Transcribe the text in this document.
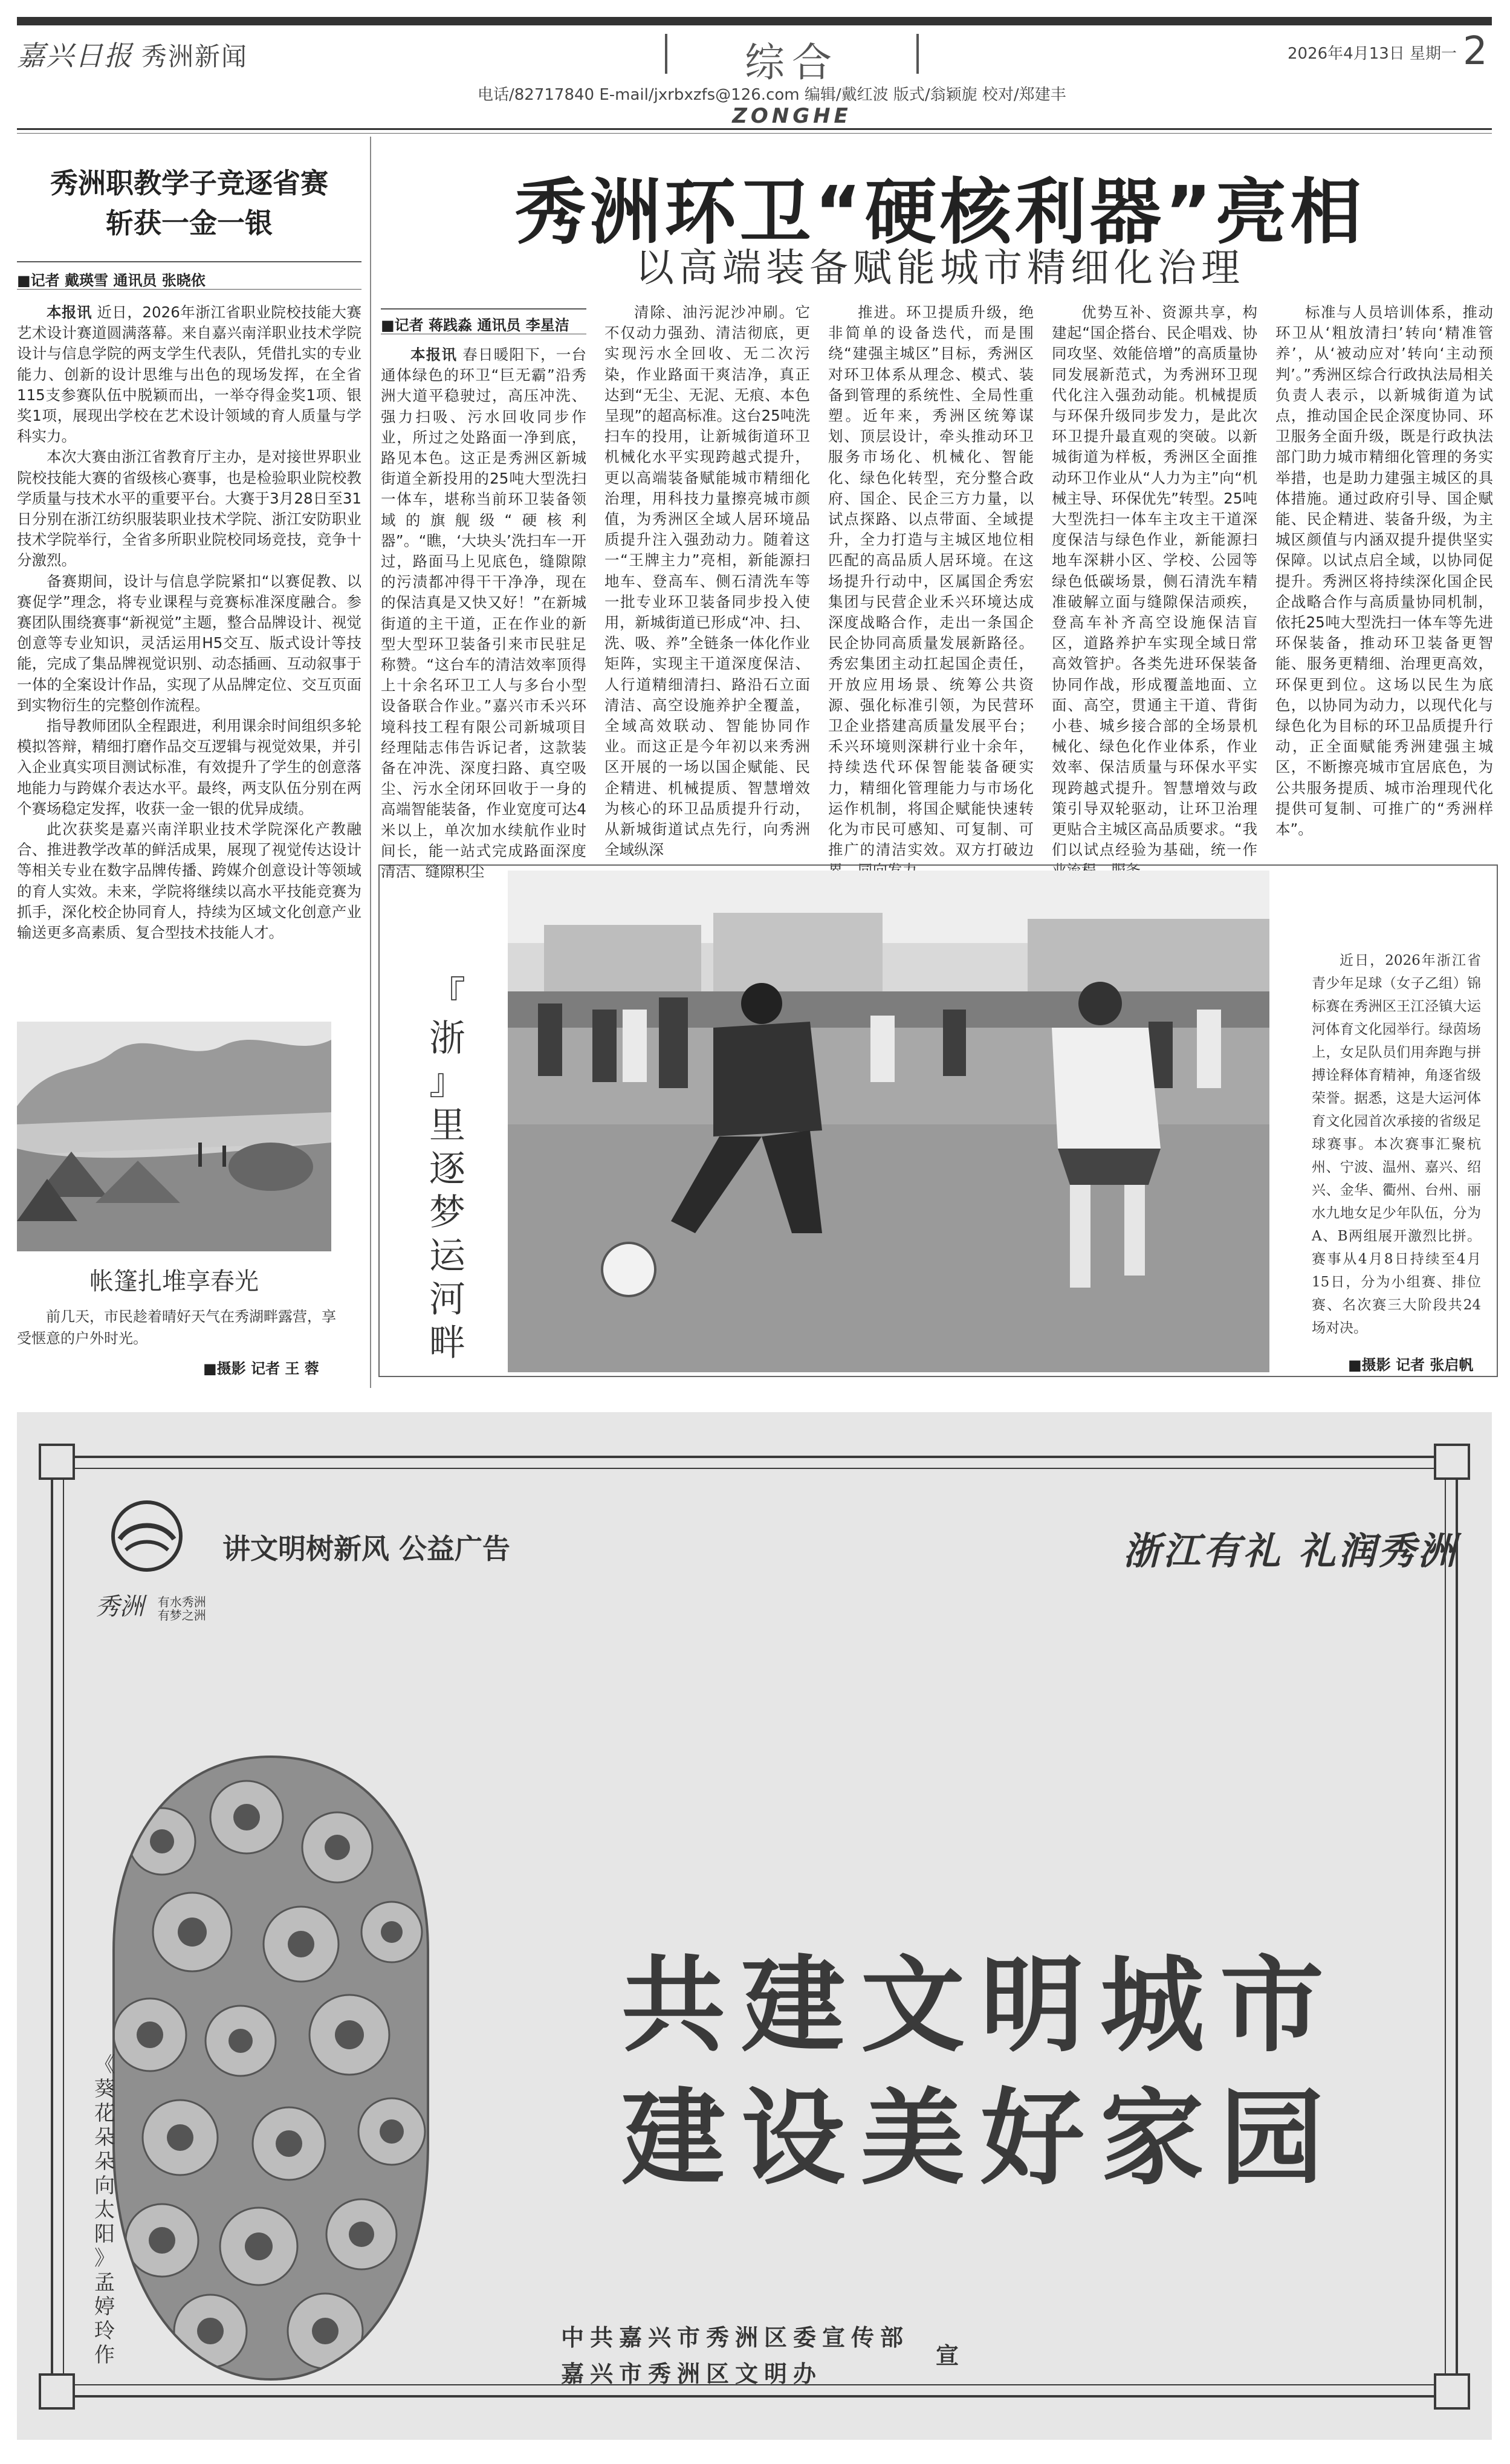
嘉兴日报 秀洲新闻	综合
电话/82717840 E-mail/jxrbxzfs@126.com 编辑/戴红波 版式/翁颖旎 校对/郑建丰
ZONGHE
2026年4月13日 星期一 2
秀洲职教学子竞逐省赛
斩获一金一银
■记者 戴瑛雪 通讯员 张晓依

本报讯 近日，2026年浙江省职业院校技能大赛艺术设计赛道圆满落幕。来自嘉兴南洋职业技术学院设计与信息学院的两支学生代表队，凭借扎实的专业能力、创新的设计思维与出色的现场发挥，在全省115支参赛队伍中脱颖而出，一举夺得金奖1项、银奖1项，展现出学校在艺术设计领域的育人质量与学科实力。

本次大赛由浙江省教育厅主办，是对接世界职业院校技能大赛的省级核心赛事，也是检验职业院校教学质量与技术水平的重要平台。大赛于3月28日至31日分别在浙江纺织服装职业技术学院、浙江安防职业技术学院举行，全省多所职业院校同场竞技，竞争十分激烈。

备赛期间，设计与信息学院紧扣“以赛促教、以赛促学”理念，将专业课程与竞赛标准深度融合。参赛团队围绕赛事“新视觉”主题，整合品牌设计、视觉创意等专业知识，灵活运用H5交互、版式设计等技能，完成了集品牌视觉识别、动态插画、互动叙事于一体的全案设计作品，实现了从品牌定位、交互页面到实物衍生的完整创作流程。

指导教师团队全程跟进，利用课余时间组织多轮模拟答辩，精细打磨作品交互逻辑与视觉效果，并引入企业真实项目测试标准，有效提升了学生的创意落地能力与跨媒介表达水平。最终，两支队伍分别在两个赛场稳定发挥，收获一金一银的优异成绩。

此次获奖是嘉兴南洋职业技术学院深化产教融合、推进教学改革的鲜活成果，展现了视觉传达设计等相关专业在数字品牌传播、跨媒介创意设计等领域的育人实效。未来，学院将继续以高水平技能竞赛为抓手，深化校企协同育人，持续为区域文化创意产业输送更多高素质、复合型技术技能人才。

帐篷扎堆享春光
前几天，市民趁着晴好天气在秀湖畔露营，享受惬意的户外时光。
■摄影 记者 王 蓉
秀洲环卫“硬核利器”亮相
以高端装备赋能城市精细化治理
■记者 蒋践淼 通讯员 李星洁

本报讯 春日暖阳下，一台通体绿色的环卫“巨无霸”沿秀洲大道平稳驶过，高压冲洗、强力扫吸、污水回收同步作业，所过之处路面一净到底，路见本色。这正是秀洲区新城街道全新投用的25吨大型洗扫一体车，堪称当前环卫装备领域的旗舰级“硬核利器”。“瞧，‘大块头’洗扫车一开过，路面马上见底色，缝隙隙的污渍都冲得干干净净，现在的保洁真是又快又好！”在新城街道的主干道，正在作业的新型大型环卫装备引来市民驻足称赞。“这台车的清洁效率顶得上十余名环卫工人与多台小型设备联合作业。”嘉兴市禾兴环境科技工程有限公司新城项目经理陆志伟告诉记者，这款装备在冲洗、深度扫路、真空吸尘、污水全闭环回收于一身的高端智能装备，作业宽度可达4米以上，单次加水续航作业时间长，能一站式完成路面深度清洁、缝隙积尘

清除、油污泥沙冲刷。它不仅动力强劲、清洁彻底，更实现污水全回收、无二次污染，作业路面干爽洁净，真正达到“无尘、无泥、无痕、本色呈现”的超高标准。这台25吨洗扫车的投用，让新城街道环卫机械化水平实现跨越式提升，更以高端装备赋能城市精细化治理，用科技力量擦亮城市颜值，为秀洲区全域人居环境品质提升注入强劲动力。随着这一“王牌主力”亮相，新能源扫地车、登高车、侧石清洗车等一批专业环卫装备同步投入使用，新城街道已形成“冲、扫、洗、吸、养”全链条一体化作业矩阵，实现主干道深度保洁、人行道精细清扫、路沿石立面清洁、高空设施养护全覆盖，全域高效联动、智能协同作业。而这正是今年初以来秀洲区开展的一场以国企赋能、民企精进、机械提质、智慧增效为核心的环卫品质提升行动，从新城街道试点先行，向秀洲全域纵深

推进。环卫提质升级，绝非简单的设备迭代，而是围绕“建强主城区”目标，秀洲区对环卫体系从理念、模式、装备到管理的系统性、全局性重塑。近年来，秀洲区统筹谋划、顶层设计，牵头推动环卫服务市场化、机械化、智能化、绿色化转型，充分整合政府、国企、民企三方力量，以试点探路、以点带面、全域提升，全力打造与主城区地位相匹配的高品质人居环境。在这场提升行动中，区属国企秀宏集团与民营企业禾兴环境达成深度战略合作，走出一条国企民企协同高质量发展新路径。秀宏集团主动扛起国企责任，开放应用场景、统筹公共资源、强化标准引领，为民营环卫企业搭建高质量发展平台；禾兴环境则深耕行业十余年，持续迭代环保智能装备硬实力，精细化管理能力与市场化运作机制，将国企赋能快速转化为市民可感知、可复制、可推广的清洁实效。双方打破边

优势互补、资源共享，构建起“国企搭台、民企唱戏、协同攻坚、效能倍增”的高质量协同发展新范式，为秀洲环卫现代化注入强劲动能。机械提质与环保升级同步发力，是此次环卫提升最直观的突破。以新城街道为样板，秀洲区全面推动环卫作业从“人力为主”向“机械主导、环保优先”转型。25吨大型洗扫一体车主攻主干道深度保洁与绿色作业，新能源扫地车深耕小区、学校、公园等绿色低碳场景，侧石清洗车精准破解立面与缝隙保洁顽疾，登高车补齐高空设施保洁盲区，道路养护车实现全域日常高效管护。各类先进环保装备协同作战，形成覆盖地面、立面、高空，贯通主干道、背街小巷、城乡接合部的全场景机械化、绿色化作业体系，作业效率、保洁质量与环保水平实现跨越式提升。智慧增效与政策引导双轮驱动，让环卫治理更贴合主城区高品质要求。“我们以试点经验为基础，统一作

标准与人员培训体系，推动环卫从‘粗放清扫’转向‘精准管养’，从‘被动应对’转向‘主动预判’。”秀洲区综合行政执法局相关负责人表示，以新城街道为试点，推动国企民企深度协同、环卫服务全面升级，既是行政执法部门助力城市精细化管理的务实举措，也是助力建强主城区的具体措施。通过政府引导、国企赋能、民企精进、装备升级，为主城区颜值与内涵双提升提供坚实保障。以试点启全域，以协同促提升。秀洲区将持续深化国企民企战略合作与高质量协同机制，依托25吨大型洗扫一体车等先进环保装备，推动环卫装备更智能、服务更精细、治理更高效，环保更到位。这场以民生为底色，以协同为动力，以现代化与绿色化为目标的环卫品质提升行动，正全面赋能秀洲建强主城区，不断擦亮城市宜居底色，为公共服务提质、城市治理现代化提供可复制、可推广的“秀洲样本”。

『
浙
』
里
逐
梦
运
河
畔
近日，2026年浙江省青少年足球（女子乙组）锦标赛在秀洲区王江泾镇大运河体育文化园举行。绿茵场上，女足队员们用奔跑与拼搏诠释体育精神，角逐省级荣誉。据悉，这是大运河体育文化园首次承接的省级足球赛事。本次赛事汇聚杭州、宁波、温州、嘉兴、绍兴、金华、衢州、台州、丽水九地女足少年队伍，分为A、B两组展开激烈比拼。赛事从4月8日持续至4月15日，分为小组赛、排位赛、名次赛三大阶段共24场对决。
■摄影 记者 张启帆
讲文明树新风 公益广告	浙江有礼 礼润秀洲
秀洲 有水秀洲
有梦之洲
共建文明城市
建设美好家园
《
葵
花
朵
朵
向
太
阳
》
孟
婷
玲
作
中共嘉兴市秀洲区委宣传部
嘉兴市秀洲区文明办
宣
